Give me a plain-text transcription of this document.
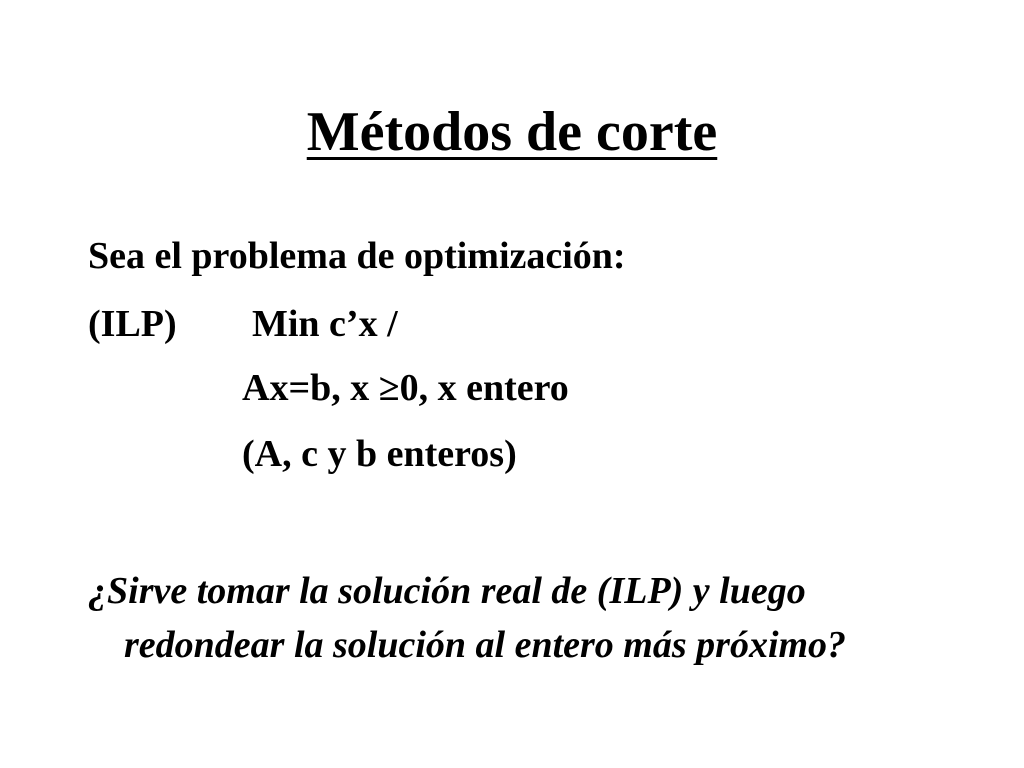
Métodos de corte
Sea el problema de optimización:
(ILP) Min c’x /
Ax=b, x ≥0, x entero
(A, c y b enteros)
¿Sirve tomar la solución real de (ILP) y luego redondear la solución al entero más próximo?
